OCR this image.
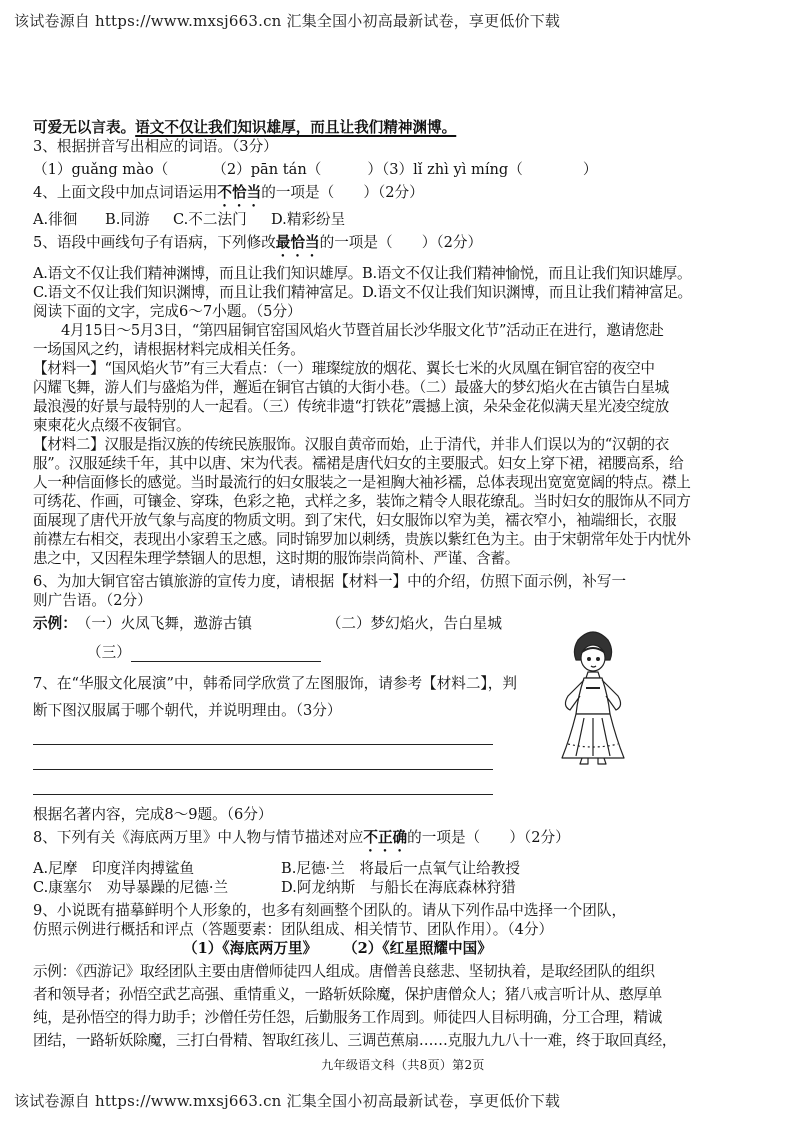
该试卷源自 https://www.mxsj663.cn 汇集全国小初高最新试卷，享更低价下载
可爱无以言表。语文不仅让我们知识雄厚，而且让我们精神渊博。
3、根据拼音写出相应的词语。（3分）
（1）guǎng mào（	（2）pān tán（	）（3）lǐ zhì yì míng（	）
4、上面文段中加点词语运用不恰当的一项是（　　）（2分）
A.徘徊 B.同游 C.不二法门 D.精彩纷呈
5、语段中画线句子有语病，下列修改最恰当的一项是（　　）（2分）
A.语文不仅让我们精神渊博，而且让我们知识雄厚。B.语文不仅让我们精神愉悦，而且让我们知识雄厚。
C.语文不仅让我们知识渊博，而且让我们精神富足。D.语文不仅让我们知识渊博，而且让我们精神富足。
阅读下面的文字，完成6～7小题。（5分）
4月15日～5月3日，“第四届铜官窑国风焰火节暨首届长沙华服文化节”活动正在进行，邀请您赴
一场国风之约，请根据材料完成相关任务。
【材料一】“国风焰火节”有三大看点：（一）璀璨绽放的烟花、翼长七米的火凤凰在铜官窑的夜空中
闪耀飞舞，游人们与盛焰为伴，邂逅在铜官古镇的大街小巷。（二）最盛大的梦幻焰火在古镇告白星城
最浪漫的好景与最特别的人一起看。（三）传统非遗“打铁花”震撼上演，朵朵金花似满天星光凌空绽放
柬柬花火点缀不夜铜官。
【材料二】汉服是指汉族的传统民族服饰。汉服自黄帝而始，止于清代，并非人们误以为的“汉朝的衣
服”。汉服延续千年，其中以唐、宋为代表。襦裙是唐代妇女的主要服式。妇女上穿下裙，裙腰高系，给
人一种信面修长的感觉。当时最流行的妇女服装之一是袒胸大袖衫襦，总体表现出宽宽宽阔的特点。襟上
可绣花、作画，可镶金、穿珠，色彩之艳，式样之多，装饰之精令人眼花缭乱。当时妇女的服饰从不同方
面展现了唐代开放气象与高度的物质文明。到了宋代，妇女服饰以窄为美，襦衣窄小，袖端细长，衣服
前襟左右相交，表现出小家碧玉之感。同时锦罗加以刺绣，贵族以紫红色为主。由于宋朝常年处于内忧外
患之中，又因程朱理学禁锢人的思想，这时期的服饰崇尚简朴、严谨、含蓄。
6、为加大铜官窑古镇旅游的宣传力度，请根据【材料一】中的介绍，仿照下面示例，补写一
则广告语。（2分）
示例：（一）火凤飞舞，遨游古镇	（二）梦幻焰火，告白星城
（三）
7、在“华服文化展演”中，韩希同学欣赏了左图服饰，请参考【材料二】，判
断下图汉服属于哪个朝代，并说明理由。（3分）
根据名著内容，完成8～9题。（6分）
8、下列有关《海底两万里》中人物与情节描述对应不正确的一项是（　　）（2分）
A.尼摩　印度洋肉搏鲨鱼	B.尼德·兰　将最后一点氧气让给教授
C.康塞尔　劝导暴躁的尼德·兰	D.阿龙纳斯　与船长在海底森林狩猎
9、小说既有描摹鲜明个人形象的，也多有刻画整个团队的。请从下列作品中选择一个团队，
仿照示例进行概括和评点（答题要素：团队组成、相关情节、团队作用）。（4分）
（1）《海底两万里》 （2）《红星照耀中国》
示例：《西游记》取经团队主要由唐僧师徒四人组成。唐僧善良慈悲、坚韧执着，是取经团队的组织
者和领导者；孙悟空武艺高强、重情重义，一路斩妖除魔，保护唐僧众人；猪八戒言听计从、憨厚单
纯，是孙悟空的得力助手；沙僧任劳任怨，后勤服务工作周到。师徒四人目标明确，分工合理，精诚
团结，一路斩妖除魔，三打白骨精、智取红孩儿、三调芭蕉扇……克服九九八十一难，终于取回真经，
九年级语文科（共8页）第2页
该试卷源自 https://www.mxsj663.cn 汇集全国小初高最新试卷，享更低价下载
